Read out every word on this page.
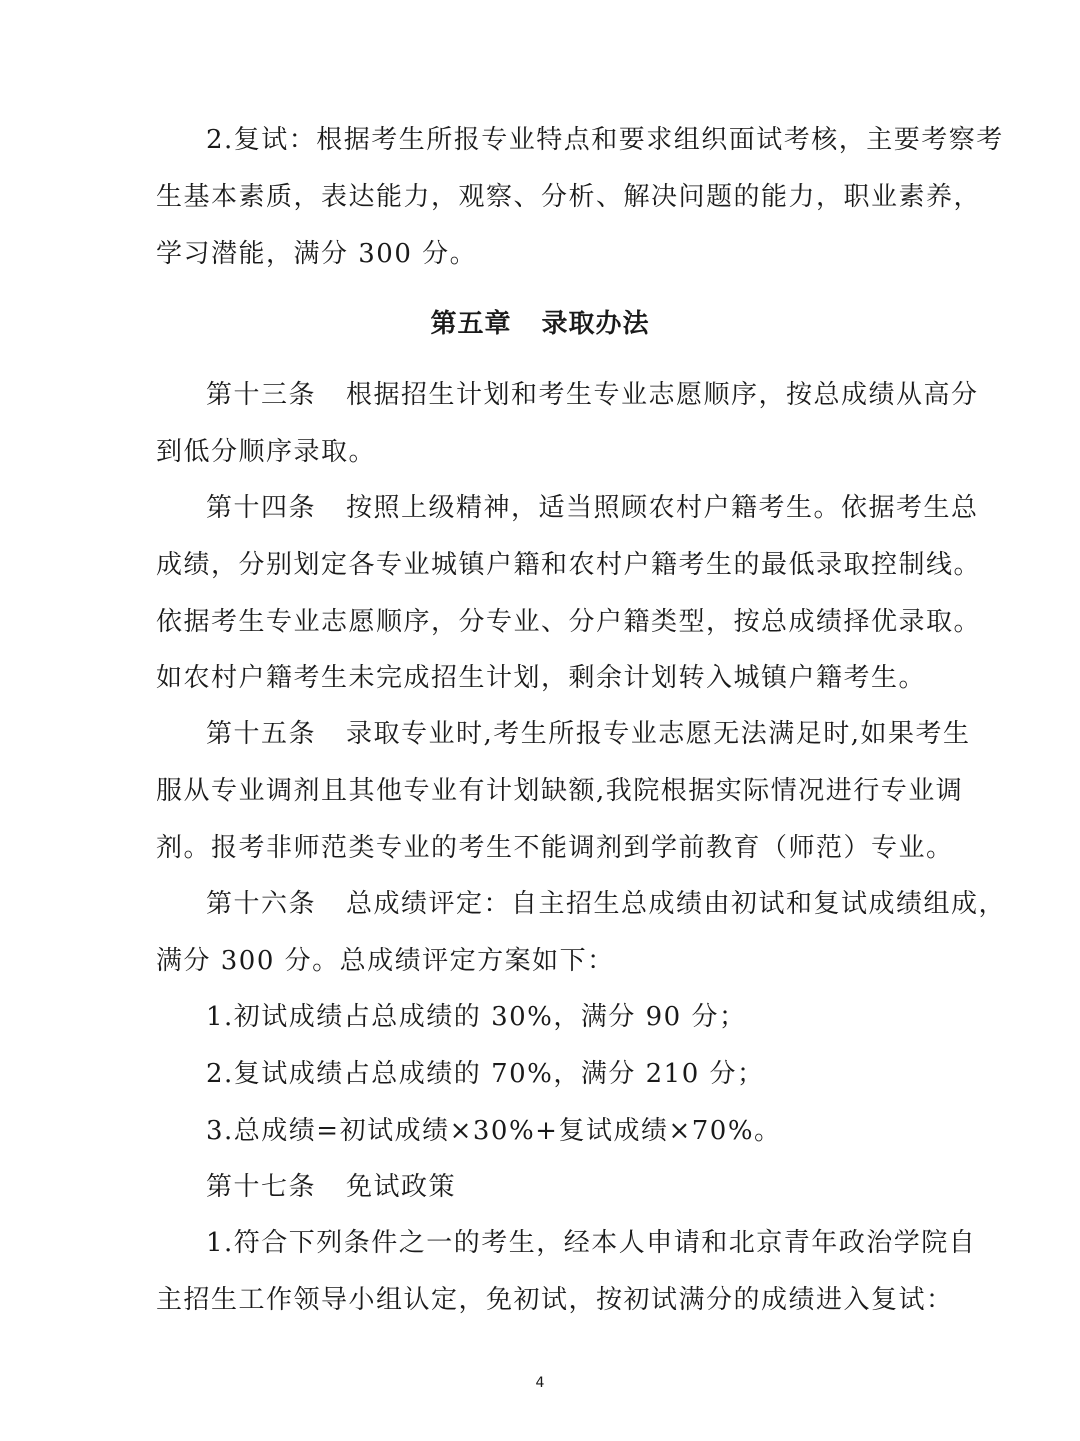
2.复试：根据考生所报专业特点和要求组织面试考核，主要考察考
生基本素质，表达能力，观察、分析、解决问题的能力，职业素养，
学习潜能，满分 300 分。
第五章 录取办法
第十三条 根据招生计划和考生专业志愿顺序，按总成绩从高分
到低分顺序录取。
第十四条 按照上级精神，适当照顾农村户籍考生。依据考生总
成绩，分别划定各专业城镇户籍和农村户籍考生的最低录取控制线。
依据考生专业志愿顺序，分专业、分户籍类型，按总成绩择优录取。
如农村户籍考生未完成招生计划，剩余计划转入城镇户籍考生。
第十五条 录取专业时,考生所报专业志愿无法满足时,如果考生
服从专业调剂且其他专业有计划缺额,我院根据实际情况进行专业调
剂。报考非师范类专业的考生不能调剂到学前教育（师范）专业。
第十六条 总成绩评定：自主招生总成绩由初试和复试成绩组成，
满分 300 分。总成绩评定方案如下：
1.初试成绩占总成绩的 30%，满分 90 分；
2.复试成绩占总成绩的 70%，满分 210 分；
3.总成绩=初试成绩×30%+复试成绩×70%。
第十七条 免试政策
1.符合下列条件之一的考生，经本人申请和北京青年政治学院自
主招生工作领导小组认定，免初试，按初试满分的成绩进入复试：
4
